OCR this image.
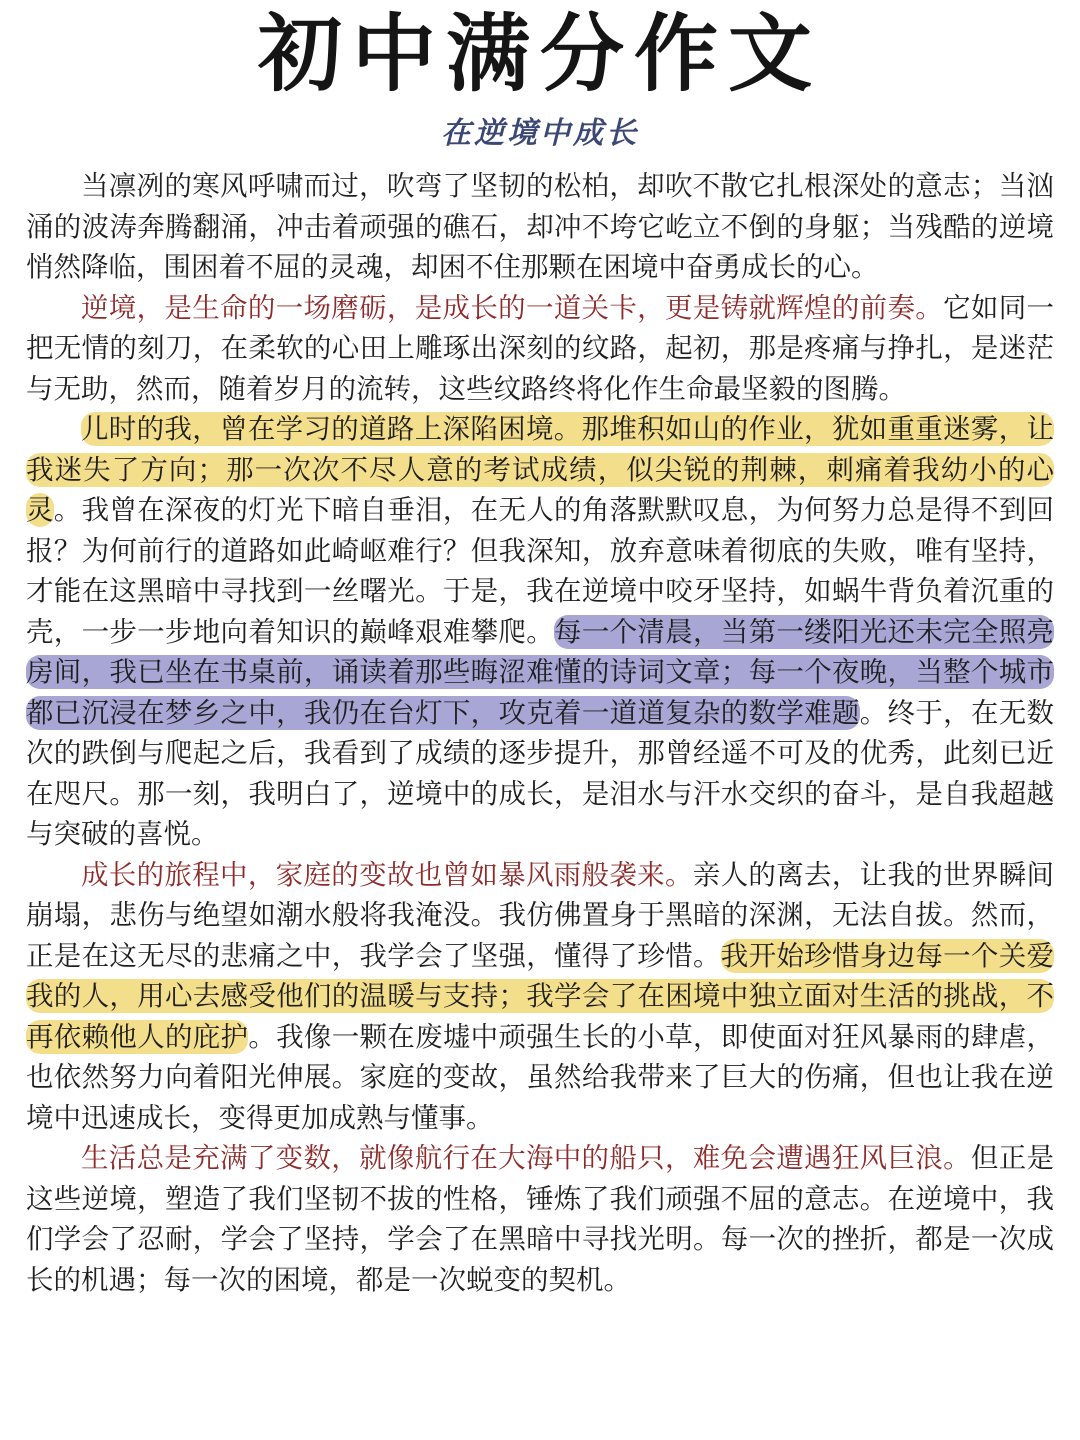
初中满分作文
在逆境中成长

当凛冽的寒风呼啸而过，吹弯了坚韧的松柏，却吹不散它扎根深处的意志；当汹涌的波涛奔腾翻涌，冲击着顽强的礁石，却冲不垮它屹立不倒的身躯；当残酷的逆境悄然降临，围困着不屈的灵魂，却困不住那颗在困境中奋勇成长的心。

逆境，是生命的一场磨砺，是成长的一道关卡，更是铸就辉煌的前奏。它如同一把无情的刻刀，在柔软的心田上雕琢出深刻的纹路，起初，那是疼痛与挣扎，是迷茫与无助，然而，随着岁月的流转，这些纹路终将化作生命最坚毅的图腾。

儿时的我，曾在学习的道路上深陷困境。那堆积如山的作业，犹如重重迷雾，让我迷失了方向；那一次次不尽人意的考试成绩，似尖锐的荆棘，刺痛着我幼小的心灵。我曾在深夜的灯光下暗自垂泪，在无人的角落默默叹息，为何努力总是得不到回报？为何前行的道路如此崎岖难行？但我深知，放弃意味着彻底的失败，唯有坚持，才能在这黑暗中寻找到一丝曙光。于是，我在逆境中咬牙坚持，如蜗牛背负着沉重的壳，一步一步地向着知识的巅峰艰难攀爬。每一个清晨，当第一缕阳光还未完全照亮房间，我已坐在书桌前，诵读着那些晦涩难懂的诗词文章；每一个夜晚，当整个城市都已沉浸在梦乡之中，我仍在台灯下，攻克着一道道复杂的数学难题。终于，在无数次的跌倒与爬起之后，我看到了成绩的逐步提升，那曾经遥不可及的优秀，此刻已近在咫尺。那一刻，我明白了，逆境中的成长，是泪水与汗水交织的奋斗，是自我超越与突破的喜悦。

成长的旅程中，家庭的变故也曾如暴风雨般袭来。亲人的离去，让我的世界瞬间崩塌，悲伤与绝望如潮水般将我淹没。我仿佛置身于黑暗的深渊，无法自拔。然而，正是在这无尽的悲痛之中，我学会了坚强，懂得了珍惜。我开始珍惜身边每一个关爱我的人，用心去感受他们的温暖与支持；我学会了在困境中独立面对生活的挑战，不再依赖他人的庇护。我像一颗在废墟中顽强生长的小草，即使面对狂风暴雨的肆虐，也依然努力向着阳光伸展。家庭的变故，虽然给我带来了巨大的伤痛，但也让我在逆境中迅速成长，变得更加成熟与懂事。

生活总是充满了变数，就像航行在大海中的船只，难免会遭遇狂风巨浪。但正是这些逆境，塑造了我们坚韧不拔的性格，锤炼了我们顽强不屈的意志。在逆境中，我们学会了忍耐，学会了坚持，学会了在黑暗中寻找光明。每一次的挫折，都是一次成长的机遇；每一次的困境，都是一次蜕变的契机。
